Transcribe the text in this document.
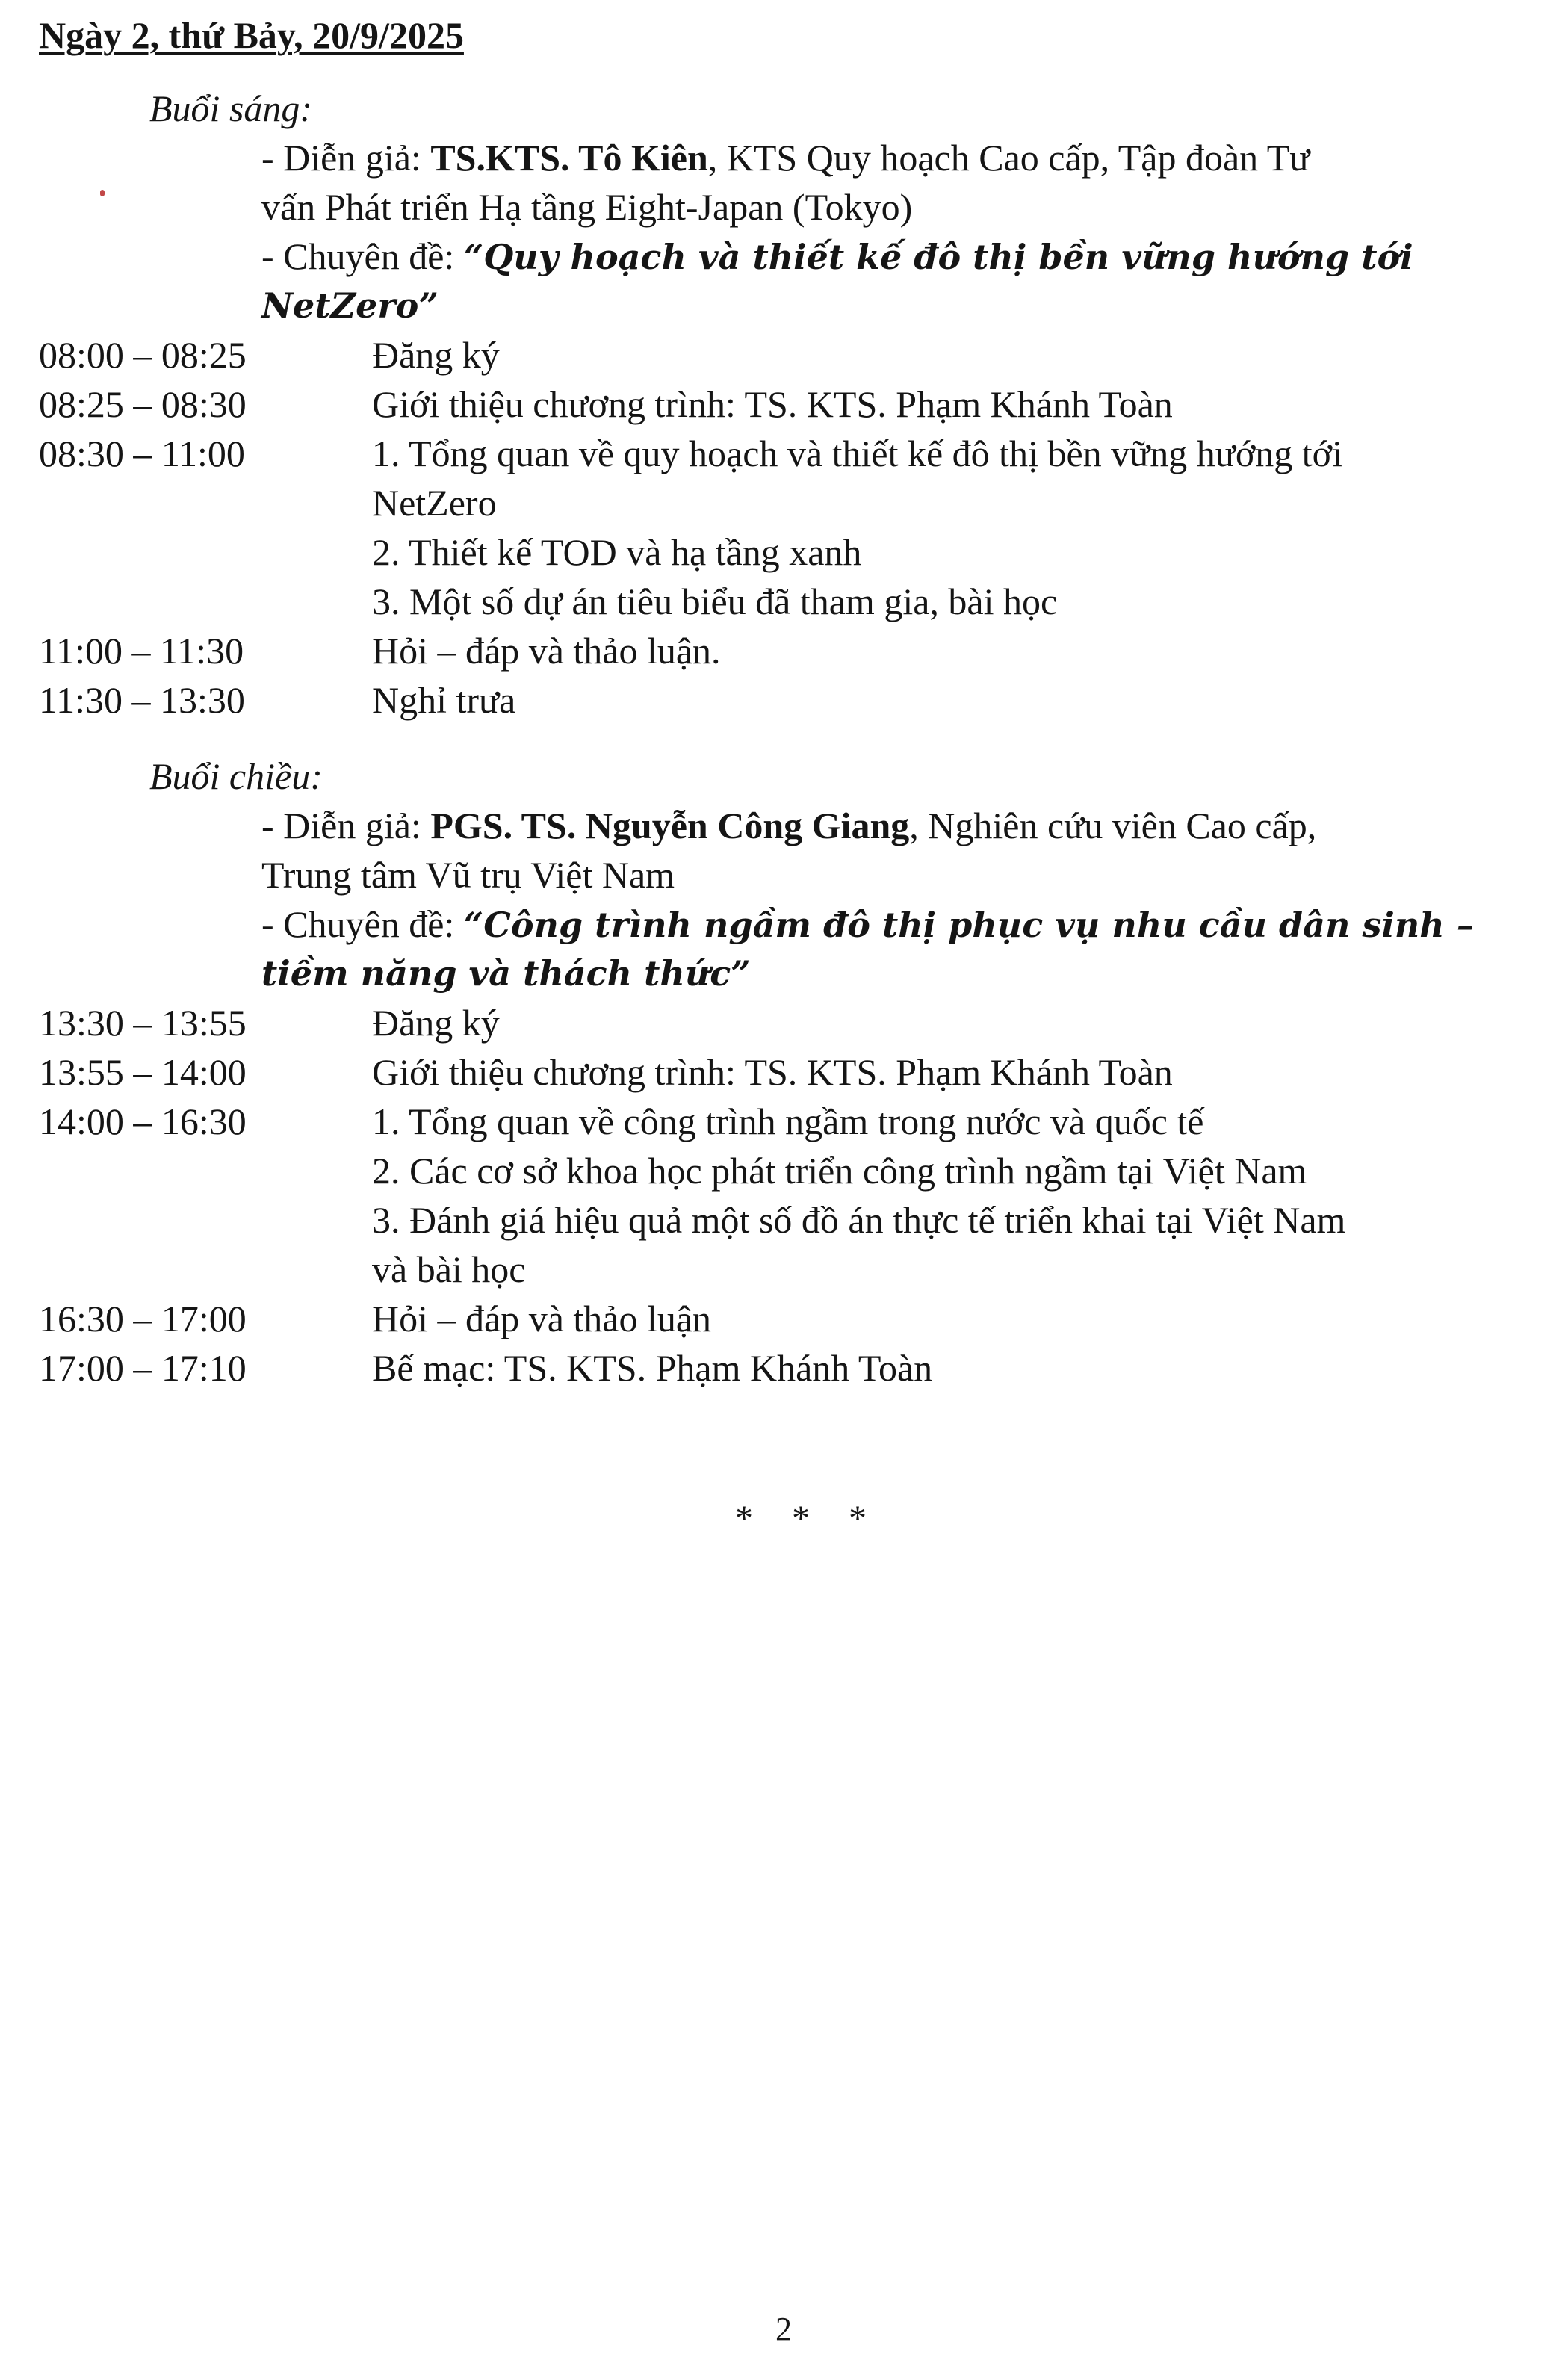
Ngày 2, thứ Bảy, 20/9/2025
Buổi sáng:
- Diễn giả: TS.KTS. Tô Kiên, KTS Quy hoạch Cao cấp, Tập đoàn Tư
vấn Phát triển Hạ tầng Eight-Japan (Tokyo)
- Chuyên đề: “Quy hoạch và thiết kế đô thị bền vững hướng tới
NetZero”
08:00 – 08:25	Đăng ký
08:25 – 08:30	Giới thiệu chương trình: TS. KTS. Phạm Khánh Toàn
08:30 – 11:00	1. Tổng quan về quy hoạch và thiết kế đô thị bền vững hướng tới
NetZero
2. Thiết kế TOD và hạ tầng xanh
3. Một số dự án tiêu biểu đã tham gia, bài học
11:00 – 11:30	Hỏi – đáp và thảo luận.
11:30 – 13:30	Nghỉ trưa
Buổi chiều:
- Diễn giả: PGS. TS. Nguyễn Công Giang, Nghiên cứu viên Cao cấp,
Trung tâm Vũ trụ Việt Nam
- Chuyên đề: “Công trình ngầm đô thị phục vụ nhu cầu dân sinh –
tiềm năng và thách thức”
13:30 – 13:55	Đăng ký
13:55 – 14:00	Giới thiệu chương trình: TS. KTS. Phạm Khánh Toàn
14:00 – 16:30	1. Tổng quan về công trình ngầm trong nước và quốc tế
2. Các cơ sở khoa học phát triển công trình ngầm tại Việt Nam
3. Đánh giá hiệu quả một số đồ án thực tế triển khai tại Việt Nam
và bài học
16:30 – 17:00	Hỏi – đáp và thảo luận
17:00 – 17:10	Bế mạc: TS. KTS. Phạm Khánh Toàn
* * *
2
